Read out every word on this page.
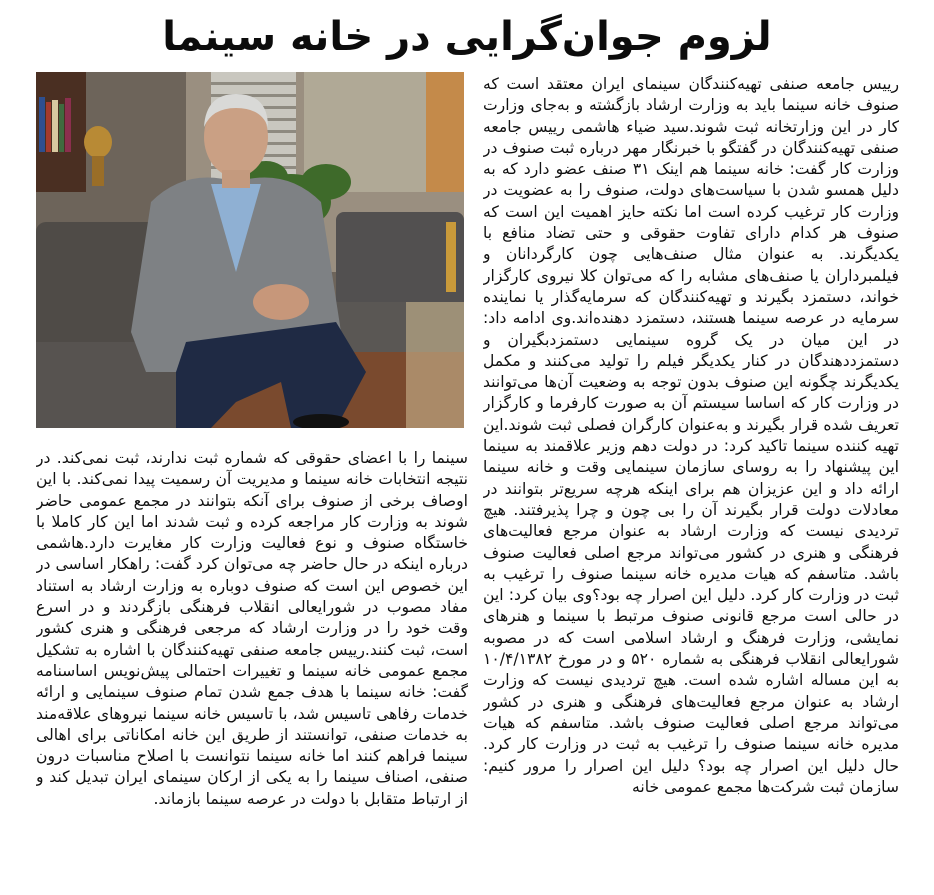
لزوم جوان‌گرایی در خانه سینما

رییس جامعه صنفی تهیه‌کنندگان سینمای ایران معتقد است که صنوف خانه سینما باید به وزارت ارشاد بازگشته و به‌جای وزارت کار در این وزارتخانه ثبت شوند.سید ضیاء هاشمی رییس جامعه صنفی تهیه‌کنندگان در گفتگو با خبرنگار مهر درباره ثبت صنوف در وزارت کار گفت: خانه سینما هم اینک ۳۱ صنف عضو دارد که به دلیل همسو شدن با سیاست‌های دولت، صنوف را به عضویت در وزارت کار ترغیب کرده است اما نکته حایز اهمیت این است که صنوف هر کدام دارای تفاوت حقوقی و حتی تضاد منافع با یکدیگرند. به عنوان مثال صنف‌هایی چون کارگردانان و فیلمبرداران یا صنف‌های مشابه را که می‌توان کلا نیروی کارگزار خواند، دستمزد بگیرند و تهیه‌کنندگان که سرمایه‌گذار یا نماینده سرمایه در عرصه سینما هستند، دستمزد دهنده‌اند.وی ادامه داد: در این میان در یک گروه سینمایی دستمزدبگیران و دستمزددهندگان در کنار یکدیگر فیلم را تولید می‌کنند و مکمل یکدیگرند چگونه این صنوف بدون توجه به وضعیت آن‌ها می‌توانند در وزارت کار که اساسا سیستم آن به صورت کارفرما و کارگزار تعریف شده قرار بگیرند و به‌عنوان کارگران فصلی ثبت شوند.این تهیه کننده سینما تاکید کرد: در دولت دهم وزیر علاقمند به سینما این پیشنهاد را به روسای سازمان سینمایی وقت و خانه سینما ارائه داد و این عزیزان هم برای اینکه هرچه سریع‌تر بتوانند در معادلات دولت قرار بگیرند آن را بی چون و چرا پذیرفتند. هیچ تردیدی نیست که وزارت ارشاد به عنوان مرجع فعالیت‌های فرهنگی و هنری در کشور می‌تواند مرجع اصلی فعالیت صنوف باشد. متاسفم که هیات مدیره خانه سینما صنوف را ترغیب به ثبت در وزارت کار کرد. دلیل این اصرار چه بود؟وی بیان کرد: این در حالی است مرجع قانونی صنوف مرتبط با سینما و هنرهای نمایشی، وزارت فرهنگ و ارشاد اسلامی است که در مصوبه شورایعالی انقلاب فرهنگی به شماره ۵۲۰ و در مورخ ۱۰/۴/۱۳۸۲ به این مساله اشاره شده است. هیچ تردیدی نیست که وزارت ارشاد به عنوان مرجع فعالیت‌های فرهنگی و هنری در کشور می‌تواند مرجع اصلی فعالیت صنوف باشد. متاسفم که هیات مدیره خانه سینما صنوف را ترغیب به ثبت در وزارت کار کرد. حال دلیل این اصرار چه بود؟ دلیل این اصرار را مرور کنیم: سازمان ثبت شرکت‌ها مجمع عمومی خانه

سینما را با اعضای حقوقی که شماره ثبت ندارند، ثبت نمی‌کند. در نتیجه انتخابات خانه سینما و مدیریت آن رسمیت پیدا نمی‌کند. با این اوصاف برخی از صنوف برای آنکه بتوانند در مجمع عمومی حاضر شوند به وزارت کار مراجعه کرده و ثبت شدند اما این کار کاملا با خاستگاه صنوف و نوع فعالیت وزارت کار مغایرت دارد.هاشمی درباره اینکه در حال حاضر چه می‌توان کرد گفت: راهکار اساسی در این خصوص این است که صنوف دوباره به وزارت ارشاد به استناد مفاد مصوب در شورایعالی انقلاب فرهنگی بازگردند و در اسرع وقت خود را در وزارت ارشاد که مرجعی فرهنگی و هنری کشور است، ثبت کنند.رییس جامعه صنفی تهیه‌کنندگان با اشاره به تشکیل مجمع عمومی خانه سینما و تغییرات احتمالی پیش‌نویس اساسنامه گفت: خانه سینما با هدف جمع شدن تمام صنوف سینمایی و ارائه خدمات رفاهی تاسیس شد، با تاسیس خانه سینما نیروهای علاقه‌مند به خدمات صنفی، توانستند از طریق این خانه امکاناتی برای اهالی سینما فراهم کنند اما خانه سینما نتوانست با اصلاح مناسبات درون صنفی، اصناف سینما را به یکی از ارکان سینمای ایران تبدیل کند و از ارتباط متقابل با دولت در عرصه سینما بازماند.
